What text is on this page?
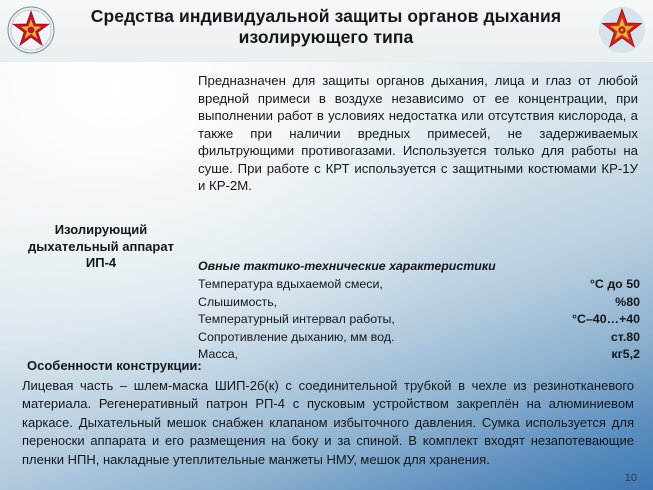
Средства индивидуальной защиты органов дыхания изолирующего типа
Изолирующий дыхательный аппарат ИП-4
Предназначен для защиты органов дыхания, лица и глаз от любой вредной примеси в воздухе независимо от ее концентрации, при выполнении работ в условиях недостатка или отсутствия кислорода, а также при наличии вредных примесей, не задерживаемых фильтрующими противогазами. Используется только для работы на суше. При работе с КРТ используется с защитными костюмами КР-1У и КР-2М.
Овные тактико-технические характеристики
Температура вдыхаемой смеси,	°С до 50
Слышимость,	%80
Температурный интервал работы,	°С–40…+40
Сопротивление дыханию, мм вод.	ст.80
Масса,	кг5,2
Особенности конструкции:
Лицевая часть – шлем-маска ШИП-2б(к) с соединительной трубкой в чехле из резинотканевого материала. Регенеративный патрон РП-4 с пусковым устройством закреплён на алюминиевом каркасе. Дыхательный мешок снабжен клапаном избыточного давления. Сумка используется для переноски аппарата и его размещения на боку и за спиной. В комплект входят незапотевающие пленки НПН, накладные утеплительные манжеты НМУ, мешок для хранения.
10
